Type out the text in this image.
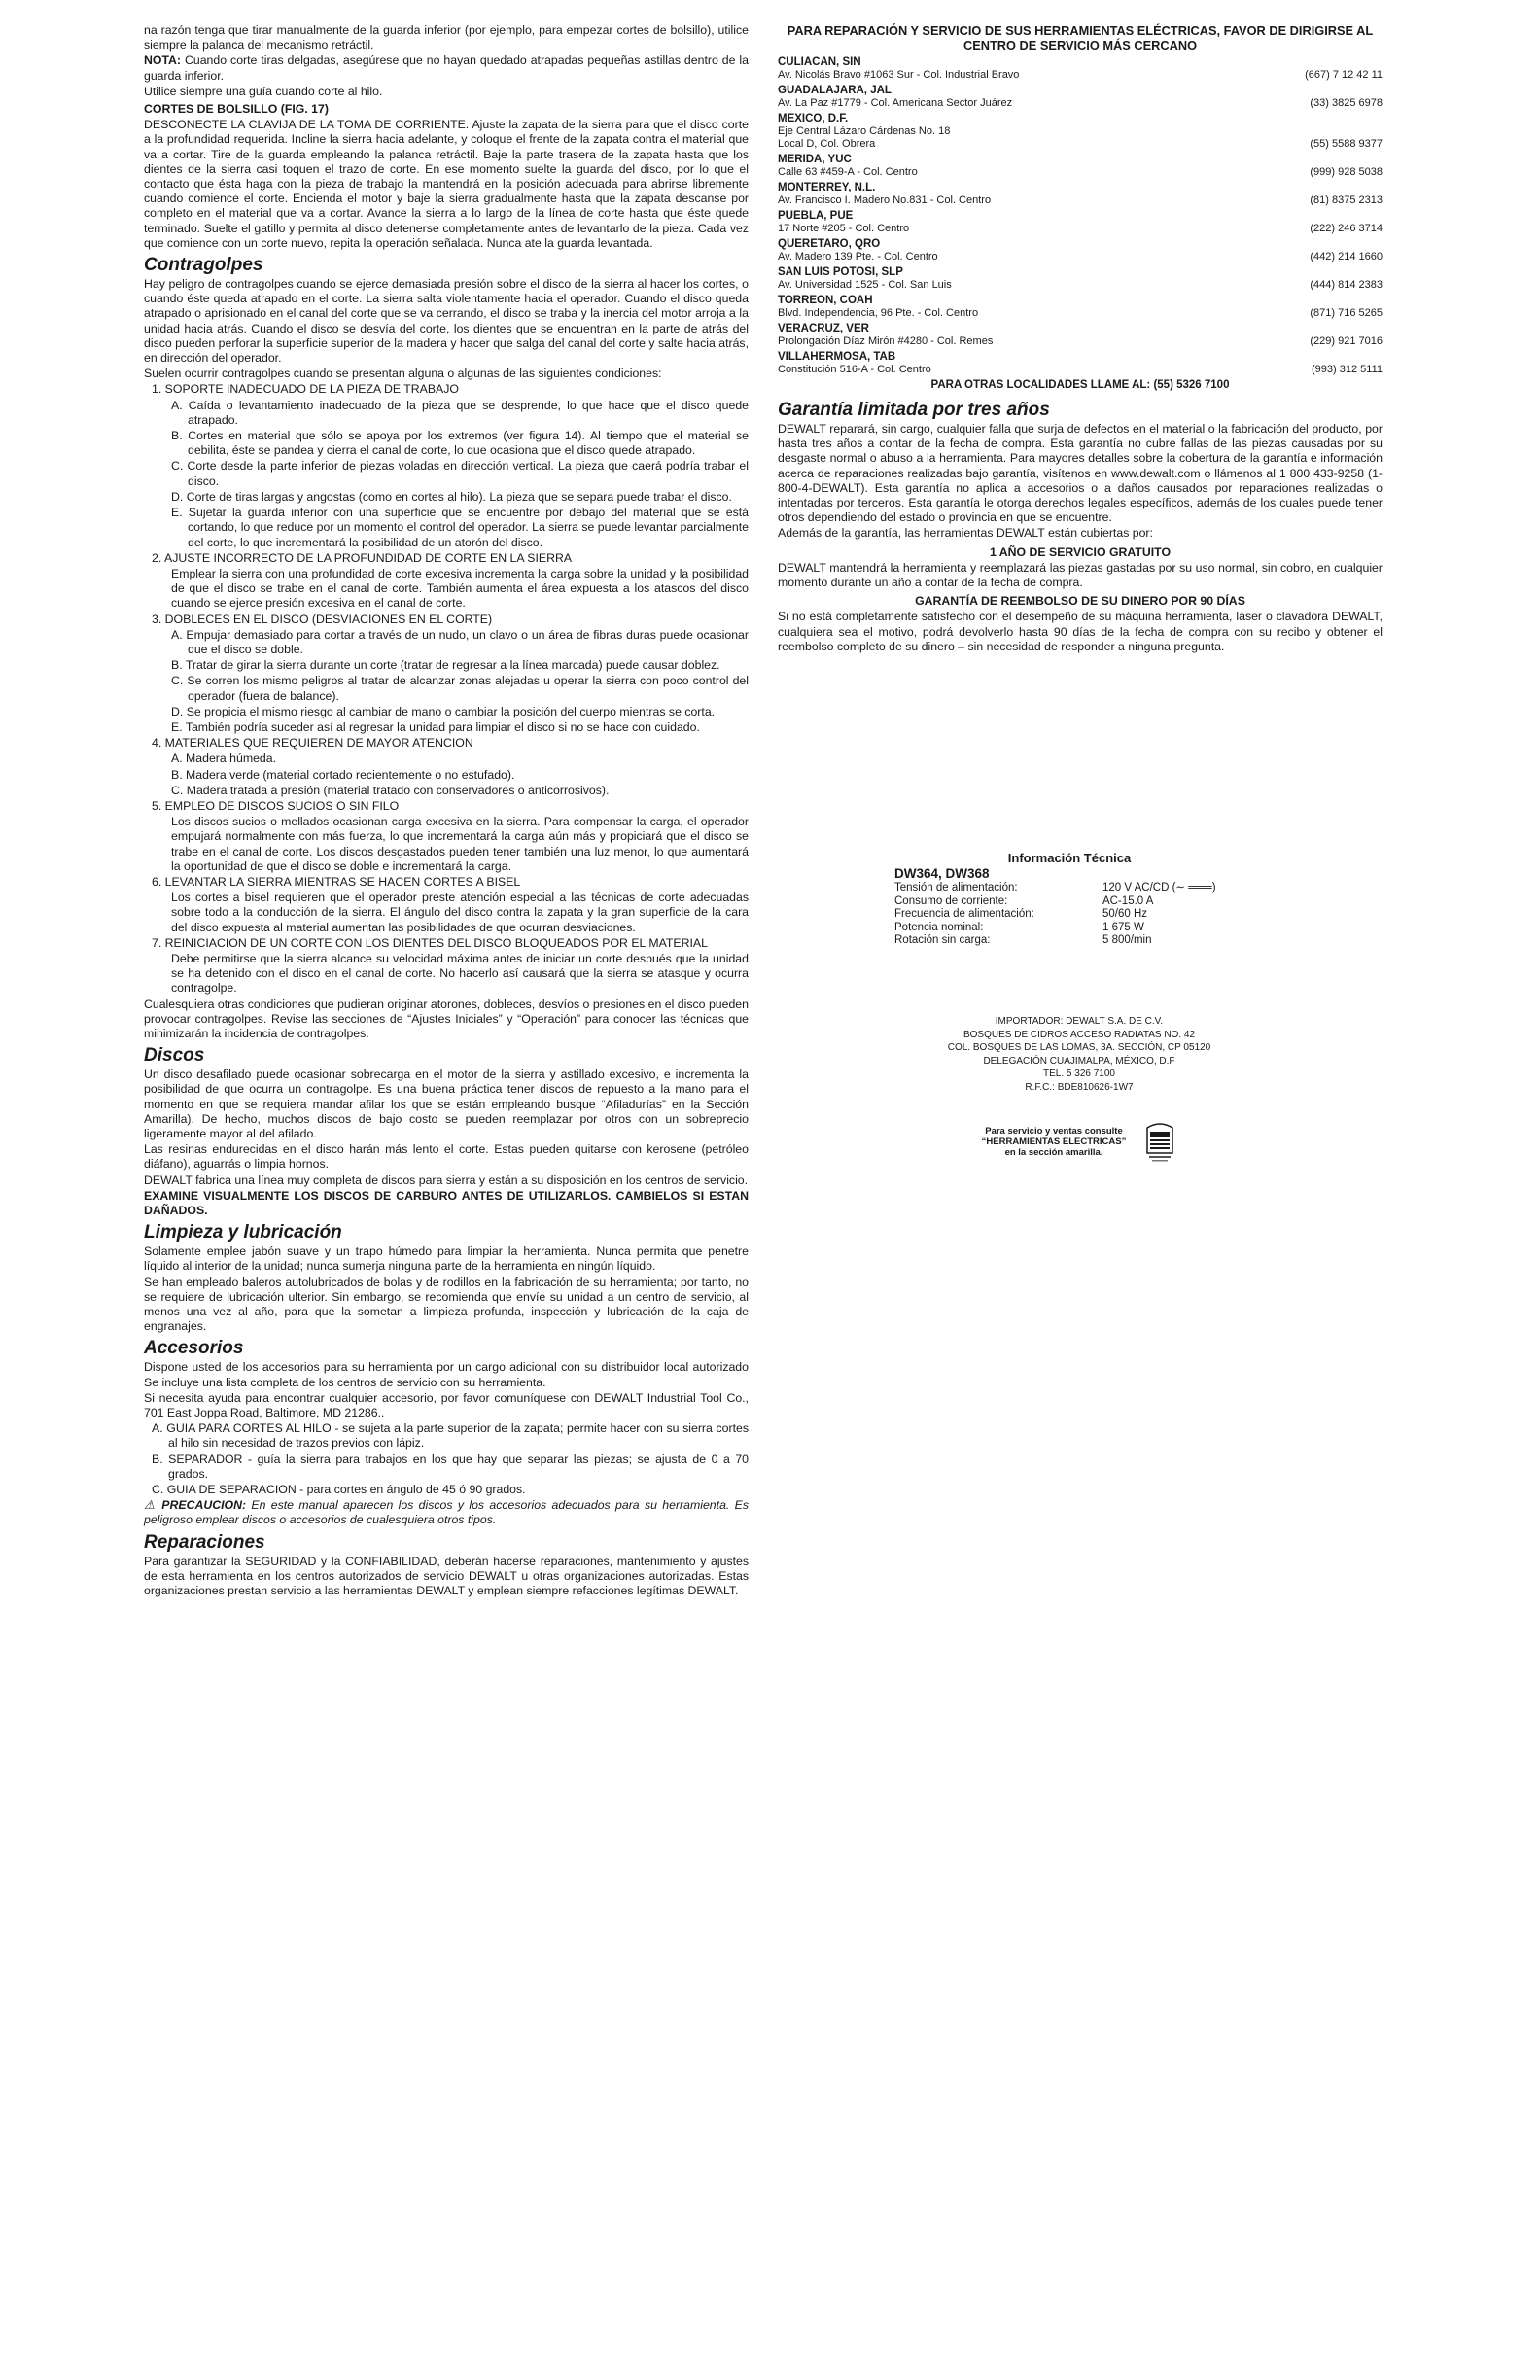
na razón tenga que tirar manualmente de la guarda inferior (por ejemplo, para empezar cortes de bolsillo), utilice siempre la palanca del mecanismo retráctil.

NOTA: Cuando corte tiras delgadas, asegúrese que no hayan quedado atrapadas pequeñas astillas dentro de la guarda inferior.

Utilice siempre una guía cuando corte al hilo.

CORTES DE BOLSILLO (FIG. 17)

DESCONECTE LA CLAVIJA DE LA TOMA DE CORRIENTE. Ajuste la zapata de la sierra para que el disco corte a la profundidad requerida. Incline la sierra hacia adelante, y coloque el frente de la zapata contra el material que va a cortar. Tire de la guarda empleando la palanca retráctil. Baje la parte trasera de la zapata hasta que los dientes de la sierra casi toquen el trazo de corte. En ese momento suelte la guarda del disco, por lo que el contacto que ésta haga con la pieza de trabajo la mantendrá en la posición adecuada para abrirse libremente cuando comience el corte. Encienda el motor y baje la sierra gradualmente hasta que la zapata descanse por completo en el material que va a cortar. Avance la sierra a lo largo de la línea de corte hasta que éste quede terminado. Suelte el gatillo y permita al disco detenerse completamente antes de levantarlo de la pieza. Cada vez que comience con un corte nuevo, repita la operación señalada. Nunca ate la guarda levantada.

Contragolpes

Hay peligro de contragolpes cuando se ejerce demasiada presión sobre el disco de la sierra al hacer los cortes, o cuando éste queda atrapado en el corte. La sierra salta violentamente hacia el operador. Cuando el disco queda atrapado o aprisionado en el canal del corte que se va cerrando, el disco se traba y la inercia del motor arroja a la unidad hacia atrás. Cuando el disco se desvía del corte, los dientes que se encuentran en la parte de atrás del disco pueden perforar la superficie superior de la madera y hacer que salga del canal del corte y salte hacia atrás, en dirección del operador.

Suelen ocurrir contragolpes cuando se presentan alguna o algunas de las siguientes condiciones:

1. SOPORTE INADECUADO DE LA PIEZA DE TRABAJO

A. Caída o levantamiento inadecuado de la pieza que se desprende, lo que hace que el disco quede atrapado.

B. Cortes en material que sólo se apoya por los extremos (ver figura 14). Al tiempo que el material se debilita, éste se pandea y cierra el canal de corte, lo que ocasiona que el disco quede atrapado.

C. Corte desde la parte inferior de piezas voladas en dirección vertical. La pieza que caerá podría trabar el disco.

D. Corte de tiras largas y angostas (como en cortes al hilo). La pieza que se separa puede trabar el disco.

E. Sujetar la guarda inferior con una superficie que se encuentre por debajo del material que se está cortando, lo que reduce por un momento el control del operador. La sierra se puede levantar parcialmente del corte, lo que incrementará la posibilidad de un atorón del disco.

2. AJUSTE INCORRECTO DE LA PROFUNDIDAD DE CORTE EN LA SIERRA

Emplear la sierra con una profundidad de corte excesiva incrementa la carga sobre la unidad y la posibilidad de que el disco se trabe en el canal de corte. También aumenta el área expuesta a los atascos del disco cuando se ejerce presión excesiva en el canal de corte.

3. DOBLECES EN EL DISCO (DESVIACIONES EN EL CORTE)

A. Empujar demasiado para cortar a través de un nudo, un clavo o un área de fibras duras puede ocasionar que el disco se doble.

B. Tratar de girar la sierra durante un corte (tratar de regresar a la línea marcada) puede causar doblez.

C. Se corren los mismo peligros al tratar de alcanzar zonas alejadas u operar la sierra con poco control del operador (fuera de balance).

D. Se propicia el mismo riesgo al cambiar de mano o cambiar la posición del cuerpo mientras se corta.

E. También podría suceder así al regresar la unidad para limpiar el disco si no se hace con cuidado.

4. MATERIALES QUE REQUIEREN DE MAYOR ATENCION

A. Madera húmeda.

B. Madera verde (material cortado recientemente o no estufado).

C. Madera tratada a presión (material tratado con conservadores o anticorrosivos).

5. EMPLEO DE DISCOS SUCIOS O SIN FILO

Los discos sucios o mellados ocasionan carga excesiva en la sierra. Para compensar la carga, el operador empujará normalmente con más fuerza, lo que incrementará la carga aún más y propiciará que el disco se trabe en el canal de corte. Los discos desgastados pueden tener también una luz menor, lo que aumentará la oportunidad de que el disco se doble e incrementará la carga.

6. LEVANTAR LA SIERRA MIENTRAS SE HACEN CORTES A BISEL

Los cortes a bisel requieren que el operador preste atención especial a las técnicas de corte adecuadas sobre todo a la conducción de la sierra. El ángulo del disco contra la zapata y la gran superficie de la cara del disco expuesta al material aumentan las posibilidades de que ocurran desviaciones.

7. REINICIACION DE UN CORTE CON LOS DIENTES DEL DISCO BLOQUEADOS POR EL MATERIAL

Debe permitirse que la sierra alcance su velocidad máxima antes de iniciar un corte después que la unidad se ha detenido con el disco en el canal de corte. No hacerlo así causará que la sierra se atasque y ocurra contragolpe.

Cualesquiera otras condiciones que pudieran originar atorones, dobleces, desvíos o presiones en el disco pueden provocar contragolpes. Revise las secciones de “Ajustes Iniciales” y “Operación” para conocer las técnicas que minimizarán la incidencia de contragolpes.

Discos

Un disco desafilado puede ocasionar sobrecarga en el motor de la sierra y astillado excesivo, e incrementa la posibilidad de que ocurra un contragolpe. Es una buena práctica tener discos de repuesto a la mano para el momento en que se requiera mandar afilar los que se están empleando busque “Afiladurías” en la Sección Amarilla). De hecho, muchos discos de bajo costo se pueden reemplazar por otros con un sobreprecio ligeramente mayor al del afilado.

Las resinas endurecidas en el disco harán más lento el corte. Estas pueden quitarse con kerosene (petróleo diáfano), aguarrás o limpia hornos.

DEWALT fabrica una línea muy completa de discos para sierra y están a su disposición en los centros de servicio.

EXAMINE VISUALMENTE LOS DISCOS DE CARBURO ANTES DE UTILIZARLOS. CAMBIELOS SI ESTAN DAÑADOS.

Limpieza y lubricación

Solamente emplee jabón suave y un trapo húmedo para limpiar la herramienta. Nunca permita que penetre líquido al interior de la unidad; nunca sumerja ninguna parte de la herramienta en ningún líquido.

Se han empleado baleros autolubricados de bolas y de rodillos en la fabricación de su herramienta; por tanto, no se requiere de lubricación ulterior. Sin embargo, se recomienda que envíe su unidad a un centro de servicio, al menos una vez al año, para que la sometan a limpieza profunda, inspección y lubricación de la caja de engranajes.

Accesorios

Dispone usted de los accesorios para su herramienta por un cargo adicional con su distribuidor local autorizado Se incluye una lista completa de los centros de servicio con su herramienta.

Si necesita ayuda para encontrar cualquier accesorio, por favor comuníquese con DEWALT Industrial Tool Co., 701 East Joppa Road, Baltimore, MD 21286..

A. GUIA PARA CORTES AL HILO - se sujeta a la parte superior de la zapata; permite hacer con su sierra cortes al hilo sin necesidad de trazos previos con lápiz.

B. SEPARADOR - guía la sierra para trabajos en los que hay que separar las piezas; se ajusta de 0 a 70 grados.

C. GUIA DE SEPARACION - para cortes en ángulo de 45 ó 90 grados.

⚠ PRECAUCION: En este manual aparecen los discos y los accesorios adecuados para su herramienta. Es peligroso emplear discos o accesorios de cualesquiera otros tipos.

Reparaciones

Para garantizar la SEGURIDAD y la CONFIABILIDAD, deberán hacerse reparaciones, mantenimiento y ajustes de esta herramienta en los centros autorizados de servicio DEWALT u otras organizaciones autorizadas. Estas organizaciones prestan servicio a las herramientas DEWALT y emplean siempre refacciones legítimas DEWALT.

PARA REPARACIÓN Y SERVICIO DE SUS HERRAMIENTAS ELÉCTRICAS, FAVOR DE DIRIGIRSE AL CENTRO DE SERVICIO MÁS CERCANO
CULIACAN, SIN
Av. Nicolás Bravo #1063 Sur - Col. Industrial Bravo	(667) 7 12 42 11
GUADALAJARA, JAL
Av. La Paz #1779 - Col. Americana Sector Juárez	(33) 3825 6978
MEXICO, D.F.
Eje Central Lázaro Cárdenas No. 18
Local D, Col. Obrera	(55) 5588 9377
MERIDA, YUC
Calle 63 #459-A - Col. Centro	(999) 928 5038
MONTERREY, N.L.
Av. Francisco I. Madero No.831 - Col. Centro	(81) 8375 2313
PUEBLA, PUE
17 Norte #205 - Col. Centro	(222) 246 3714
QUERETARO, QRO
Av. Madero 139 Pte. - Col. Centro	(442) 214 1660
SAN LUIS POTOSI, SLP
Av. Universidad 1525 - Col. San Luis	(444) 814 2383
TORREON, COAH
Blvd. Independencia, 96 Pte. - Col. Centro	(871) 716 5265
VERACRUZ, VER
Prolongación Díaz Mirón #4280 - Col. Remes	(229) 921 7016
VILLAHERMOSA, TAB
Constitución 516-A - Col. Centro	(993) 312 5111
PARA OTRAS LOCALIDADES LLAME AL: (55) 5326 7100
Garantía limitada por tres años

DEWALT reparará, sin cargo, cualquier falla que surja de defectos en el material o la fabricación del producto, por hasta tres años a contar de la fecha de compra. Esta garantía no cubre fallas de las piezas causadas por su desgaste normal o abuso a la herramienta. Para mayores detalles sobre la cobertura de la garantía e información acerca de reparaciones realizadas bajo garantía, visítenos en www.dewalt.com o llámenos al 1 800 433-9258 (1-800-4-DEWALT). Esta garantía no aplica a accesorios o a daños causados por reparaciones realizadas o intentadas por terceros. Esta garantía le otorga derechos legales específicos, además de los cuales puede tener otros dependiendo del estado o provincia en que se encuentre.

Además de la garantía, las herramientas DEWALT están cubiertas por:

1 AÑO DE SERVICIO GRATUITO

DEWALT mantendrá la herramienta y reemplazará las piezas gastadas por su uso normal, sin cobro, en cualquier momento durante un año a contar de la fecha de compra.

GARANTÍA DE REEMBOLSO DE SU DINERO POR 90 DÍAS

Si no está completamente satisfecho con el desempeño de su máquina herramienta, láser o clavadora DEWALT, cualquiera sea el motivo, podrá devolverlo hasta 90 días de la fecha de compra con su recibo y obtener el reembolso completo de su dinero – sin necesidad de responder a ninguna pregunta.

Información Técnica
DW364, DW368
Tensión de alimentación:	120 V AC/CD (∼ ═══)
Consumo de corriente:	AC-15.0 A
Frecuencia de alimentación:	50/60 Hz
Potencia nominal:	1 675 W
Rotación sin carga:	5 800/min
IMPORTADOR: DEWALT S.A. DE C.V.
BOSQUES DE CIDROS ACCESO RADIATAS NO. 42
COL. BOSQUES DE LAS LOMAS, 3A. SECCIÓN, CP 05120
DELEGACIÓN CUAJIMALPA, MÉXICO, D.F
TEL. 5 326 7100
R.F.C.: BDE810626-1W7
Para servicio y ventas consulte
“HERRAMIENTAS ELECTRICAS”
en la sección amarilla.
